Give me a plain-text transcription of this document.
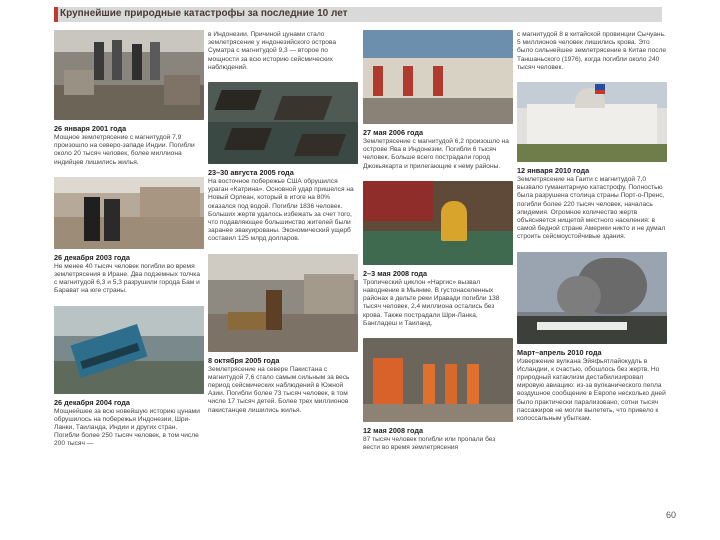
Крупнейшие природные катастрофы за последние 10 лет
26 января 2001 года
Мощное землетрясение с магнитудой 7,9 произошло на северо-западе Индии. Погибли около 20 тысяч человек, более миллиона индийцев лишились жилья.
26 декабря 2003 года
Не менее 40 тысяч человек погибли во время землетрясения в Иране. Два подземных толчка с магнитудой 6,3 и 5,3 разрушили города Бам и Барават на юге страны.
26 декабря 2004 года
Мощнейшее за всю новейшую историю цунами обрушилось на побережья Индонезии, Шри-Ланки, Таиланда, Индии и других стран. Погибли более 250 тысяч человек, в том числе 200 тысяч —
в Индонезии. Причиной цунами стало землетрясение у индонезийского острова Суматра с магнитудой 9,3 — второе по мощности за всю историю сейсмических наблюдений.
23–30 августа 2005 года
На восточное побережье США обрушился ураган «Катрина». Основной удар пришелся на Новый Орлеан, который в итоге на 80% оказался под водой. Погибли 1836 человек. Больших жертв удалось избежать за счет того, что подавляющее большинство жителей были заранее эвакуированы. Экономический ущерб составил 125 млрд долларов.
8 октября 2005 года
Землетрясение на севере Пакистана с магнитудой 7,6 стало самым сильным за весь период сейсмических наблюдений в Южной Азии. Погибли более 73 тысяч человек, в том числе 17 тысяч детей. Более трех миллионов пакистанцев лишились жилья.
27 мая 2006 года
Землетрясение с магнитудой 6,2 произошло на острове Ява в Индонезии. Погибли 6 тысяч человек. Больше всего пострадали город Джокьякарта и прилегающие к нему районы.
2–3 мая 2008 года
Тропический циклон «Наргис» вызвал наводнение в Мьянме. В густонаселенных районах в дельте реки Иравади погибли 138 тысяч человек, 2,4 миллиона остались без крова. Также пострадали Шри-Ланка, Бангладеш и Таиланд.
12 мая 2008 года
87 тысяч человек погибли или пропали без вести во время землетрясения
с магнитудой 8 в китайской провинции Сычуань. 5 миллионов человек лишились крова. Это было сильнейшее землетрясение в Китае после Таншаньского (1976), когда погибли около 240 тысяч человек.
12 января 2010 года
Землетрясение на Гаити с магнитудой 7,0 вызвало гуманитарную катастрофу. Полностью была разрушена столица страны Порт-о-Пренс, погибли более 220 тысяч человек, началась эпидемия. Огромное количество жертв объясняется нищетой местного населения: в самой бедной стране Америки никто и не думал строить сейсмоустойчивые здания.
Март–апрель 2010 года
Извержение вулкана Эйяфьятлайокудль в Исландии, к счастью, обошлось без жертв. Но природный катаклизм дестабилизировал мировую авиацию: из-за вулканического пепла воздушное сообщение в Европе несколько дней было практически парализовано, сотни тысяч пассажиров не могли вылететь, что привело к колоссальным убыткам.
60
